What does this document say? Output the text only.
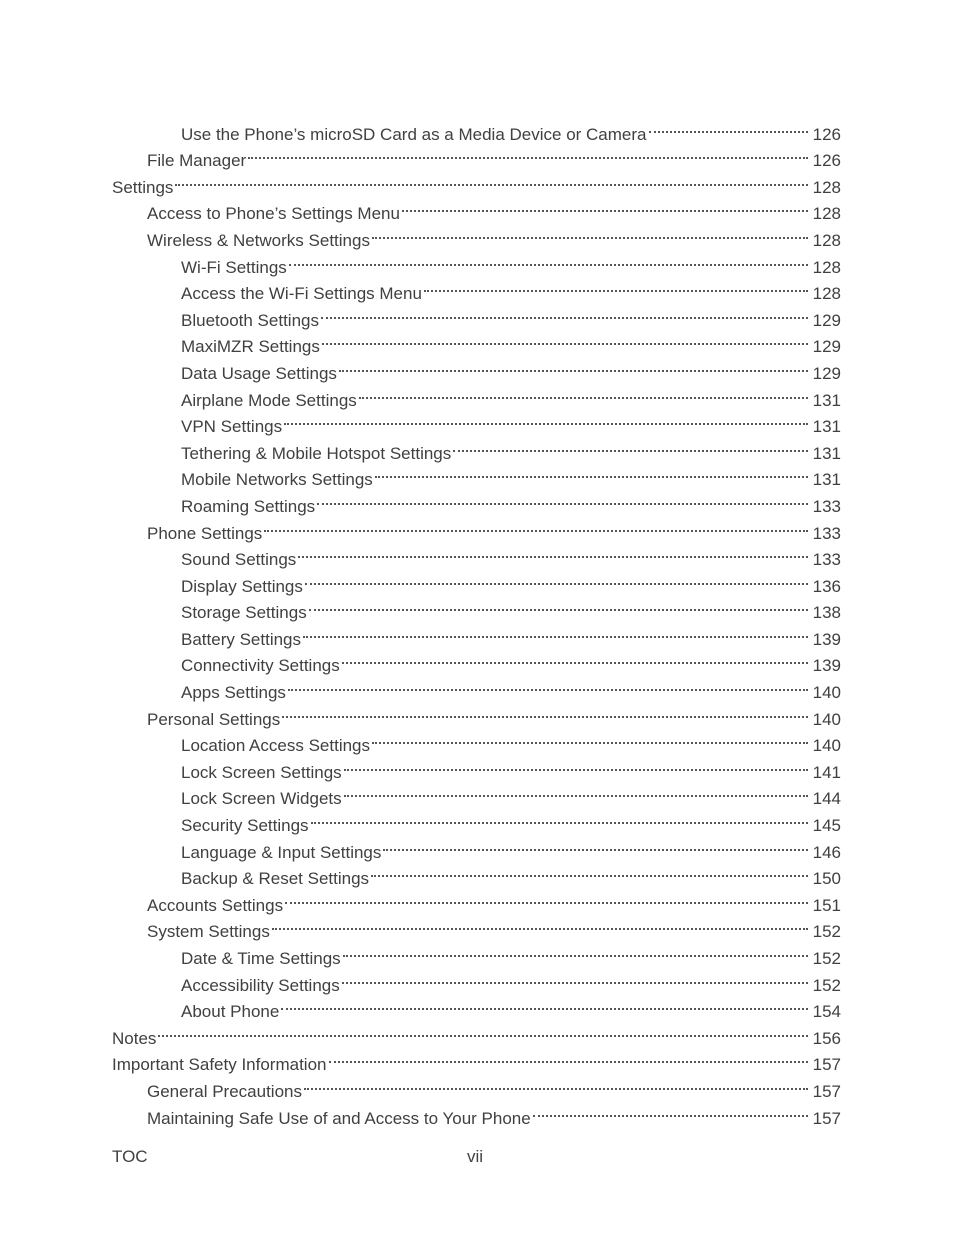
Use the Phone’s microSD Card as a Media Device or Camera	126
File Manager	126
Settings	128
Access to Phone’s Settings Menu	128
Wireless & Networks Settings	128
Wi-Fi Settings	128
Access the Wi-Fi Settings Menu	128
Bluetooth Settings	129
MaxiMZR Settings	129
Data Usage Settings	129
Airplane Mode Settings	131
VPN Settings	131
Tethering & Mobile Hotspot Settings	131
Mobile Networks Settings	131
Roaming Settings	133
Phone Settings	133
Sound Settings	133
Display Settings	136
Storage Settings	138
Battery Settings	139
Connectivity Settings	139
Apps Settings	140
Personal Settings	140
Location Access Settings	140
Lock Screen Settings	141
Lock Screen Widgets	144
Security Settings	145
Language & Input Settings	146
Backup & Reset Settings	150
Accounts Settings	151
System Settings	152
Date & Time Settings	152
Accessibility Settings	152
About Phone	154
Notes	156
Important Safety Information	157
General Precautions	157
Maintaining Safe Use of and Access to Your Phone	157
TOC	vii
